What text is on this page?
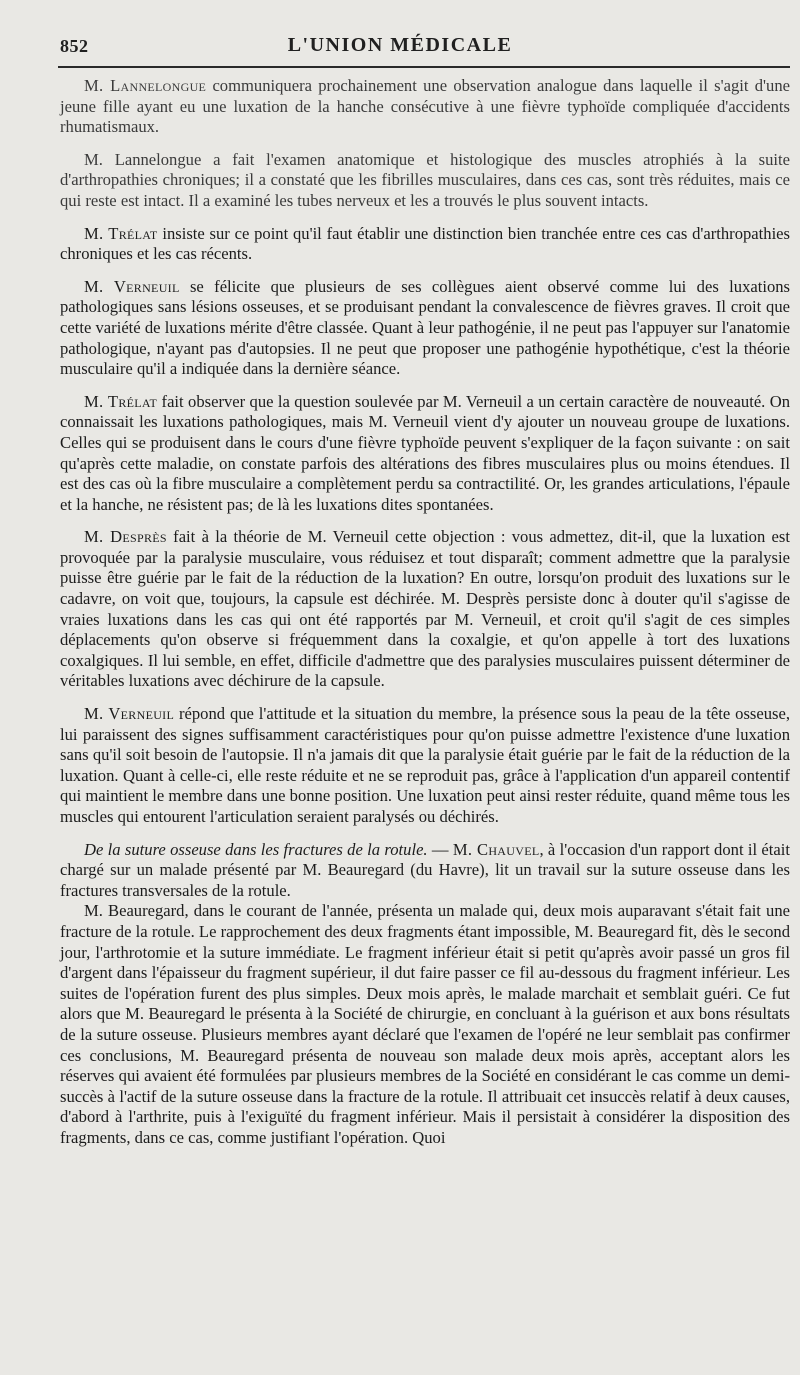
852	L'UNION MÉDICALE

M. Lannelongue communiquera prochainement une observation analogue dans laquelle il s'agit d'une jeune fille ayant eu une luxation de la hanche consécutive à une fièvre typhoïde compliquée d'accidents rhumatismaux.

M. Lannelongue a fait l'examen anatomique et histologique des muscles atrophiés à la suite d'arthropathies chroniques; il a constaté que les fibrilles musculaires, dans ces cas, sont très réduites, mais ce qui reste est intact. Il a examiné les tubes nerveux et les a trouvés le plus souvent intacts.

M. Trélat insiste sur ce point qu'il faut établir une distinction bien tranchée entre ces cas d'arthropathies chroniques et les cas récents.

M. Verneuil se félicite que plusieurs de ses collègues aient observé comme lui des luxations pathologiques sans lésions osseuses, et se produisant pendant la convalescence de fièvres graves. Il croit que cette variété de luxations mérite d'être classée. Quant à leur pathogénie, il ne peut pas l'appuyer sur l'anatomie pathologique, n'ayant pas d'autopsies. Il ne peut que proposer une pathogénie hypothétique, c'est la théorie musculaire qu'il a indiquée dans la dernière séance.

M. Trélat fait observer que la question soulevée par M. Verneuil a un certain caractère de nouveauté. On connaissait les luxations pathologiques, mais M. Verneuil vient d'y ajouter un nouveau groupe de luxations. Celles qui se produisent dans le cours d'une fièvre typhoïde peuvent s'expliquer de la façon suivante : on sait qu'après cette maladie, on constate parfois des altérations des fibres musculaires plus ou moins étendues. Il est des cas où la fibre musculaire a complètement perdu sa contractilité. Or, les grandes articulations, l'épaule et la hanche, ne résistent pas; de là les luxations dites spontanées.

M. Desprès fait à la théorie de M. Verneuil cette objection : vous admettez, dit-il, que la luxation est provoquée par la paralysie musculaire, vous réduisez et tout disparaît; comment admettre que la paralysie puisse être guérie par le fait de la réduction de la luxation? En outre, lorsqu'on produit des luxations sur le cadavre, on voit que, toujours, la capsule est déchirée. M. Desprès persiste donc à douter qu'il s'agisse de vraies luxations dans les cas qui ont été rapportés par M. Verneuil, et croit qu'il s'agit de ces simples déplacements qu'on observe si fréquemment dans la coxalgie, et qu'on appelle à tort des luxations coxalgiques. Il lui semble, en effet, difficile d'admettre que des paralysies musculaires puissent déterminer de véritables luxations avec déchirure de la capsule.

M. Verneuil répond que l'attitude et la situation du membre, la présence sous la peau de la tête osseuse, lui paraissent des signes suffisamment caractéristiques pour qu'on puisse admettre l'existence d'une luxation sans qu'il soit besoin de l'autopsie. Il n'a jamais dit que la paralysie était guérie par le fait de la réduction de la luxation. Quant à celle-ci, elle reste réduite et ne se reproduit pas, grâce à l'application d'un appareil contentif qui maintient le membre dans une bonne position. Une luxation peut ainsi rester réduite, quand même tous les muscles qui entourent l'articulation seraient paralysés ou déchirés.

De la suture osseuse dans les fractures de la rotule. — M. Chauvel, à l'occasion d'un rapport dont il était chargé sur un malade présenté par M. Beauregard (du Havre), lit un travail sur la suture osseuse dans les fractures transversales de la rotule.

M. Beauregard, dans le courant de l'année, présenta un malade qui, deux mois auparavant s'était fait une fracture de la rotule. Le rapprochement des deux fragments étant impossible, M. Beauregard fit, dès le second jour, l'arthrotomie et la suture immédiate. Le fragment inférieur était si petit qu'après avoir passé un gros fil d'argent dans l'épaisseur du fragment supérieur, il dut faire passer ce fil au-dessous du fragment inférieur. Les suites de l'opération furent des plus simples. Deux mois après, le malade marchait et semblait guéri. Ce fut alors que M. Beauregard le présenta à la Société de chirurgie, en concluant à la guérison et aux bons résultats de la suture osseuse. Plusieurs membres ayant déclaré que l'examen de l'opéré ne leur semblait pas confirmer ces conclusions, M. Beauregard présenta de nouveau son malade deux mois après, acceptant alors les réserves qui avaient été formulées par plusieurs membres de la Société en considérant le cas comme un demi-succès à l'actif de la suture osseuse dans la fracture de la rotule. Il attribuait cet insuccès relatif à deux causes, d'abord à l'arthrite, puis à l'exiguïté du fragment inférieur. Mais il persistait à considérer la disposition des fragments, dans ce cas, comme justifiant l'opération. Quoi
